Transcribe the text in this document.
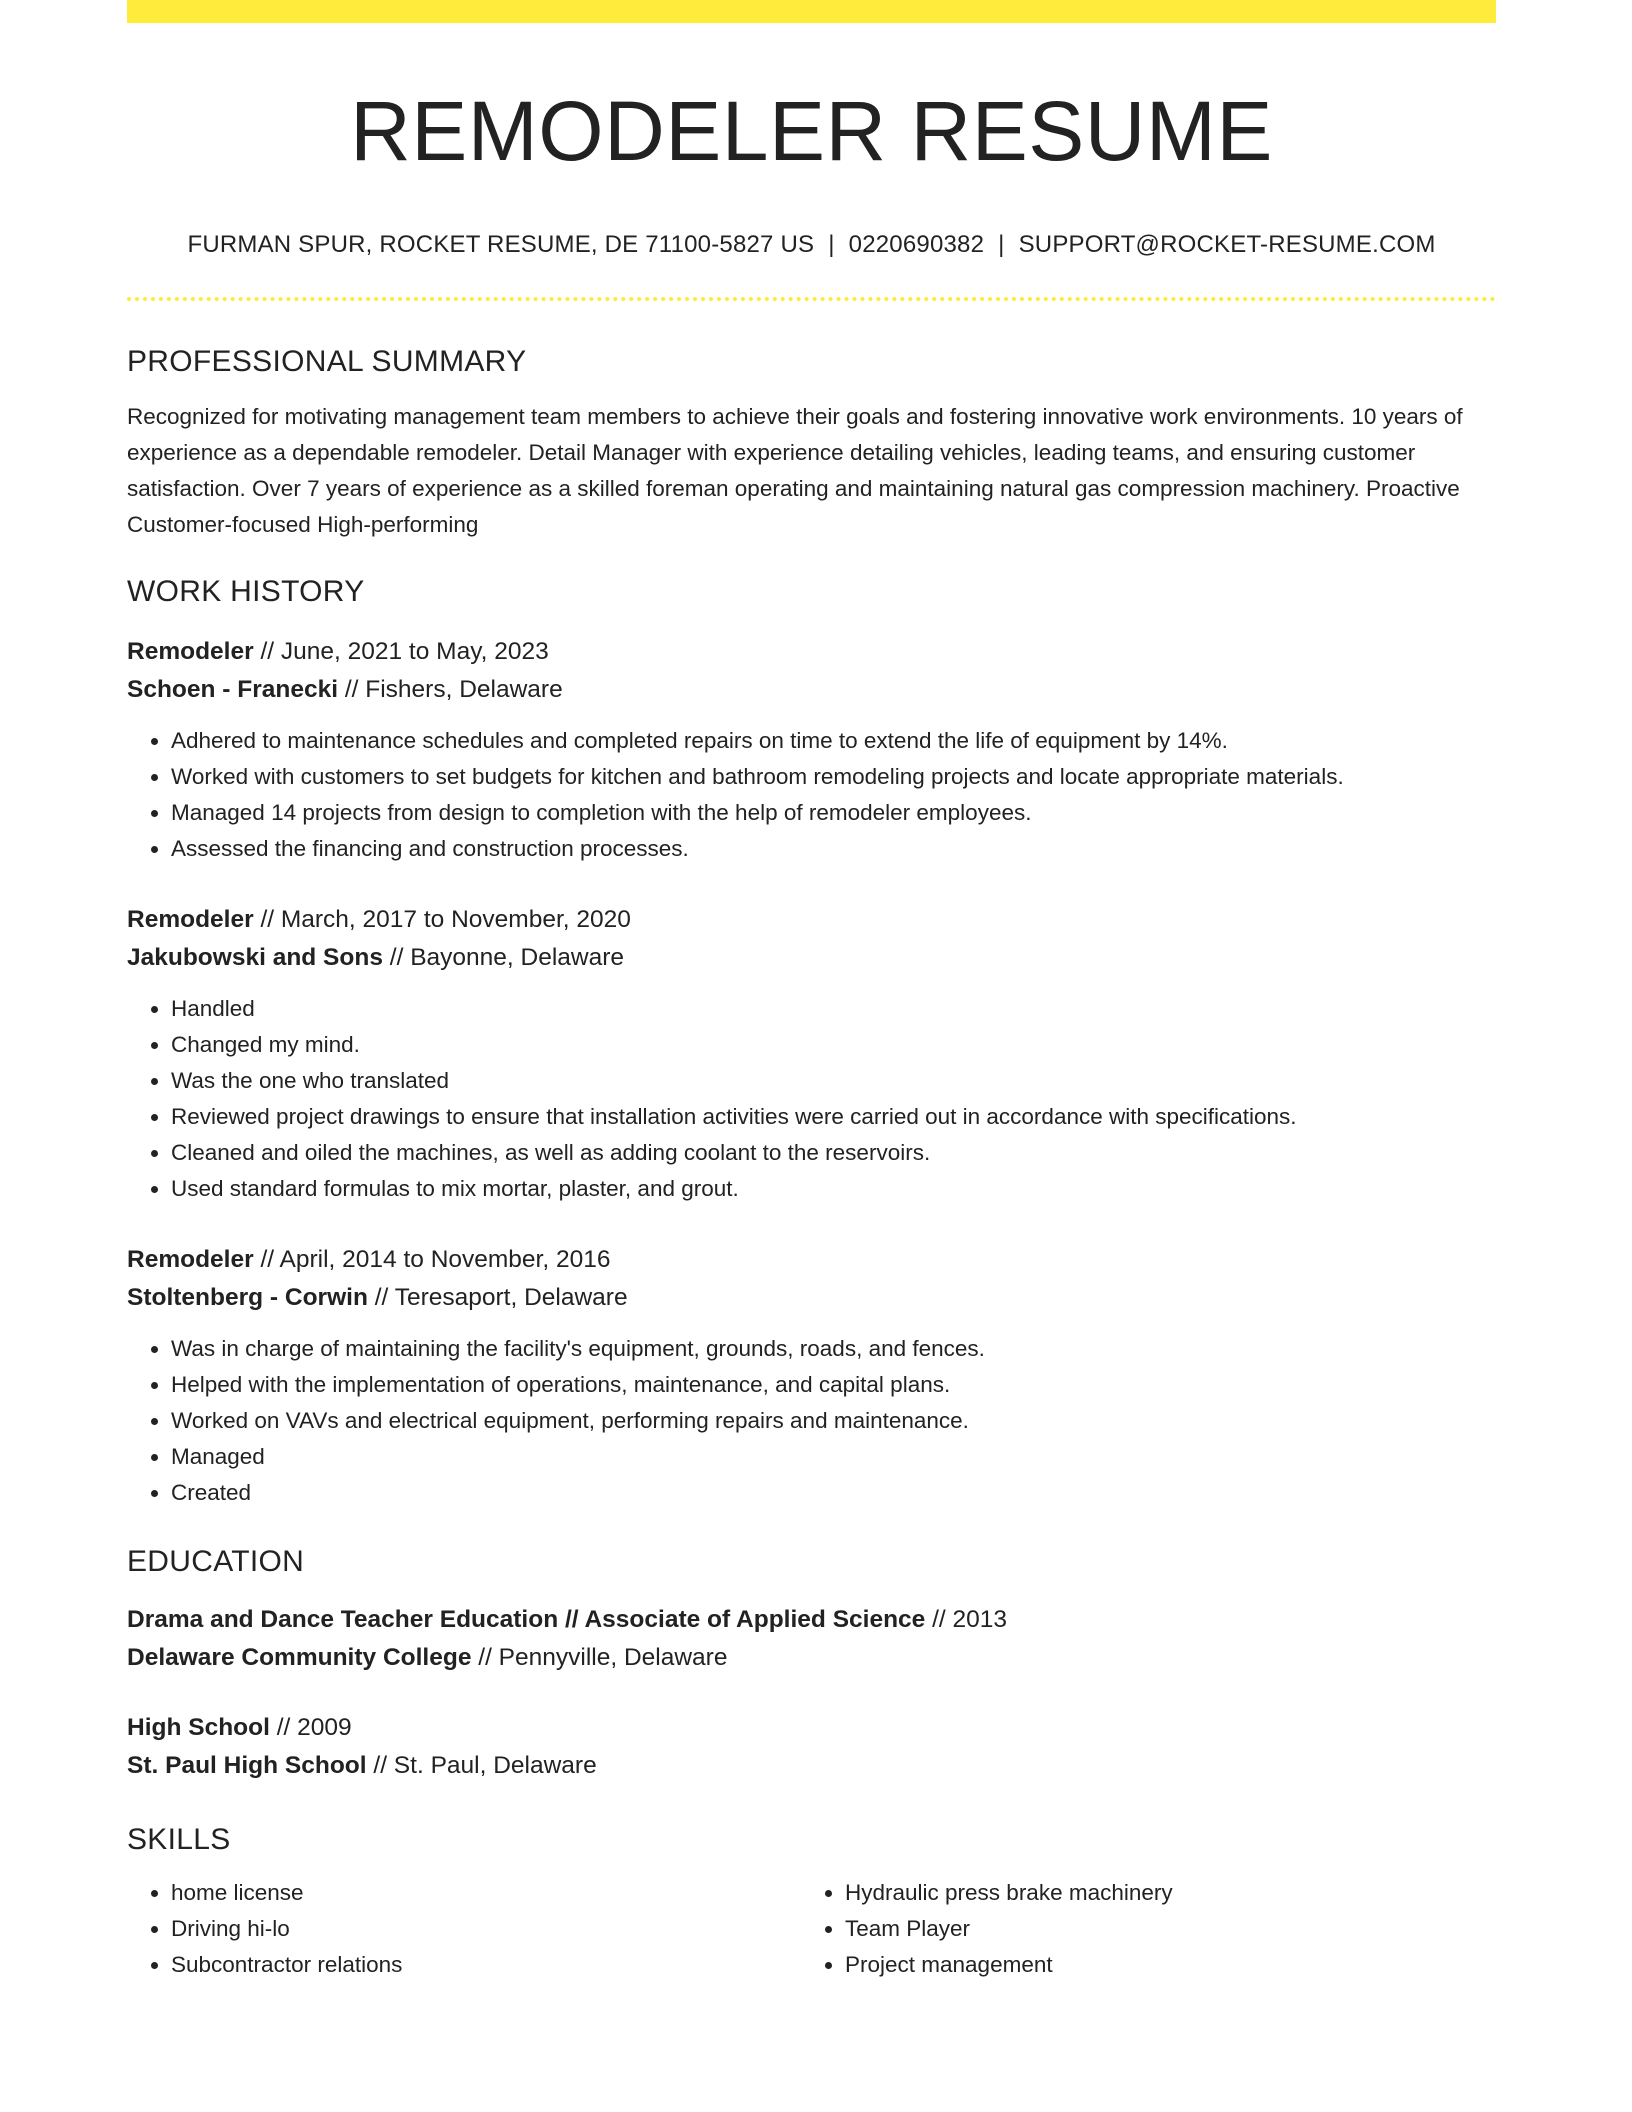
REMODELER RESUME
FURMAN SPUR, ROCKET RESUME, DE 71100-5827 US | 0220690382 | SUPPORT@ROCKET-RESUME.COM
PROFESSIONAL SUMMARY
Recognized for motivating management team members to achieve their goals and fostering innovative work environments. 10 years of experience as a dependable remodeler. Detail Manager with experience detailing vehicles, leading teams, and ensuring customer satisfaction. Over 7 years of experience as a skilled foreman operating and maintaining natural gas compression machinery. Proactive Customer-focused High-performing
WORK HISTORY
Remodeler // June, 2021 to May, 2023
Schoen - Franecki // Fishers, Delaware
• Adhered to maintenance schedules and completed repairs on time to extend the life of equipment by 14%.
• Worked with customers to set budgets for kitchen and bathroom remodeling projects and locate appropriate materials.
• Managed 14 projects from design to completion with the help of remodeler employees.
• Assessed the financing and construction processes.
Remodeler // March, 2017 to November, 2020
Jakubowski and Sons // Bayonne, Delaware
• Handled
• Changed my mind.
• Was the one who translated
• Reviewed project drawings to ensure that installation activities were carried out in accordance with specifications.
• Cleaned and oiled the machines, as well as adding coolant to the reservoirs.
• Used standard formulas to mix mortar, plaster, and grout.
Remodeler // April, 2014 to November, 2016
Stoltenberg - Corwin // Teresaport, Delaware
• Was in charge of maintaining the facility's equipment, grounds, roads, and fences.
• Helped with the implementation of operations, maintenance, and capital plans.
• Worked on VAVs and electrical equipment, performing repairs and maintenance.
• Managed
• Created
EDUCATION
Drama and Dance Teacher Education // Associate of Applied Science // 2013
Delaware Community College // Pennyville, Delaware
High School // 2009
St. Paul High School // St. Paul, Delaware
SKILLS
• home license
• Driving hi-lo
• Subcontractor relations
• Hydraulic press brake machinery
• Team Player
• Project management
